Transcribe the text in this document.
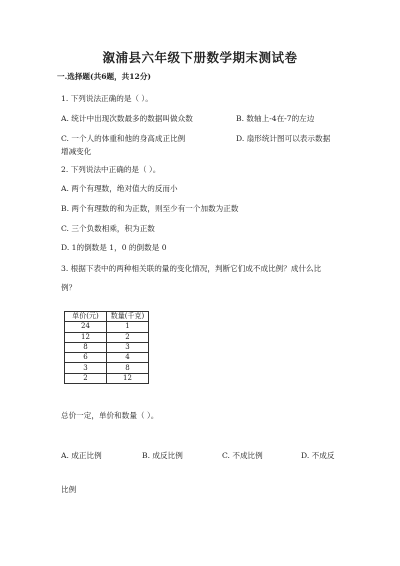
溆浦县六年级下册数学期末测试卷
一.选择题(共6题，共12分)
1. 下列说法正确的是（ ）。
A. 统计中出现次数最多的数据叫做众数	B. 数轴上-4在-7的左边
C. 一个人的体重和他的身高成正比例	D. 扇形统计图可以表示数据
增减变化
2. 下列说法中正确的是（ ）。
A. 两个有理数，绝对值大的反而小
B. 两个有理数的和为正数，则至少有一个加数为正数
C. 三个负数相乘，积为正数
D. 1的倒数是 1，0 的倒数是 0
3. 根据下表中的两种相关联的量的变化情况，判断它们成不成比例？成什么比
例？
单价(元)	数量(千克)
24	1
12	2
8	3
6	4
3	8
2	12
总价一定，单价和数量（ ）。
A. 成正比例	B. 成反比例	C. 不成比例	D. 不成反
比例
